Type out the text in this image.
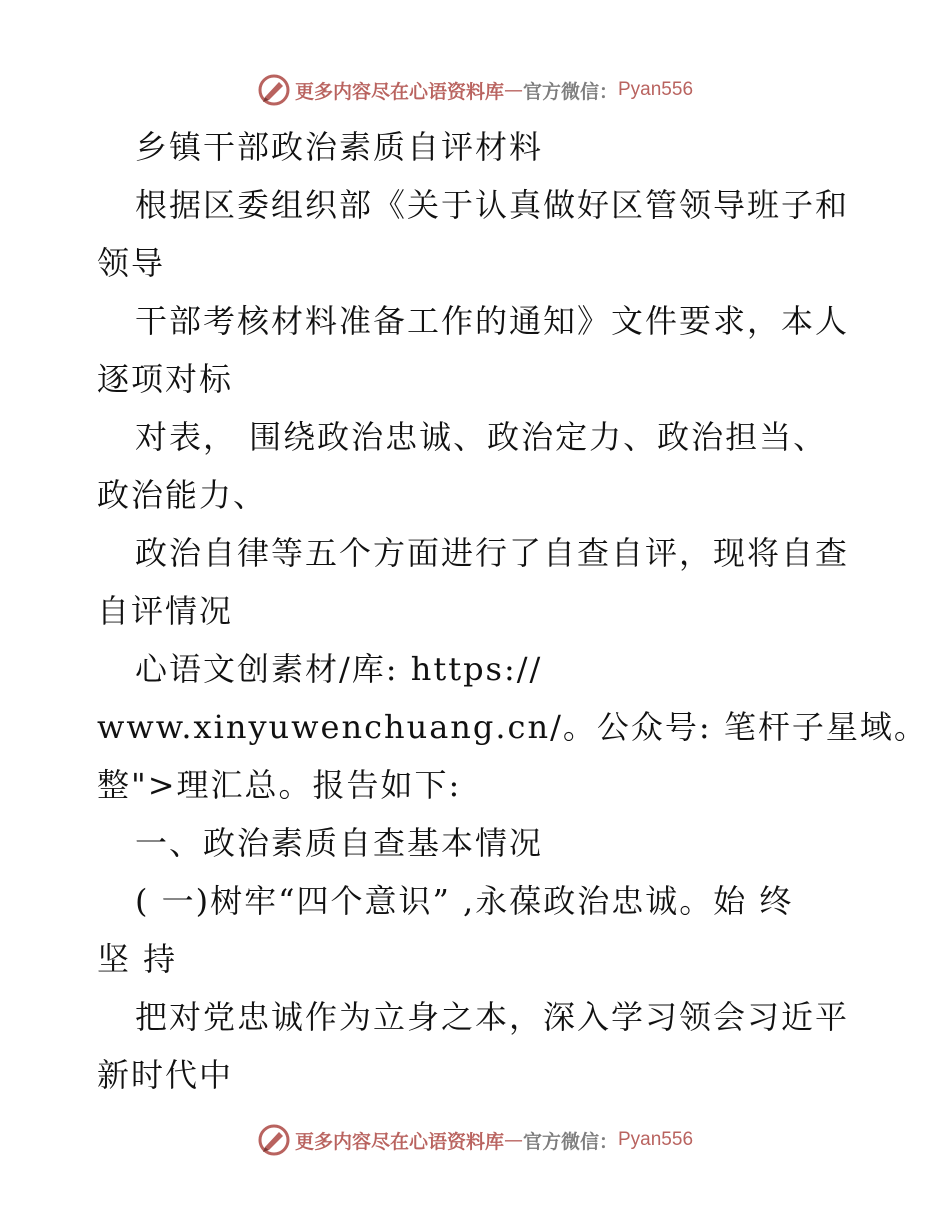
更多内容尽在心语资料库 — 官方微信： Pyan556
乡镇干部政治素质自评材料
根据区委组织部《关于认真做好区管领导班子和
领导
干部考核材料准备工作的通知》文件要求，本人
逐项对标
对表， 围绕政治忠诚、政治定力、政治担当、
政治能力、
政治自律等五个方面进行了自查自评，现将自查
自评情况
心语文创素材/库: https://
www.xinyuwenchuang.cn/。公众号: 笔杆子星域。
整">理汇总。报告如下:
一、政治素质自查基本情况
( 一)树牢“四个意识” ,永葆政治忠诚。始 终
坚 持
把对党忠诚作为立身之本，深入学习领会习近平
新时代中
更多内容尽在心语资料库 — 官方微信： Pyan556
